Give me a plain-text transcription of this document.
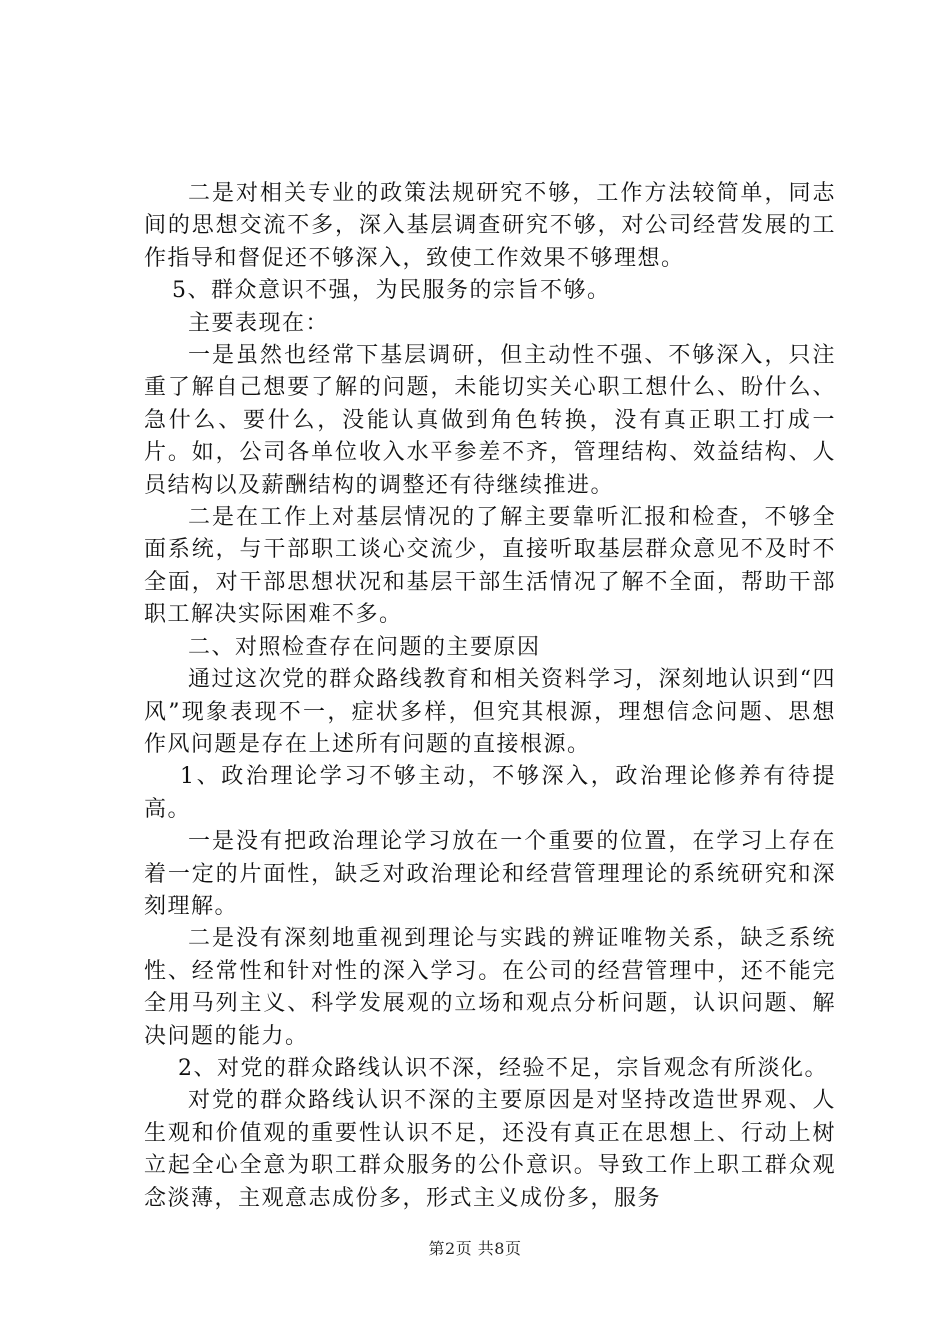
二是对相关专业的政策法规研究不够，工作方法较简单，同志间的思想交流不多，深入基层调查研究不够，对公司经营发展的工作指导和督促还不够深入，致使工作效果不够理想。

5、群众意识不强，为民服务的宗旨不够。

主要表现在：

一是虽然也经常下基层调研，但主动性不强、不够深入，只注重了解自己想要了解的问题，未能切实关心职工想什么、盼什么、急什么、要什么，没能认真做到角色转换，没有真正职工打成一片。如，公司各单位收入水平参差不齐，管理结构、效益结构、人员结构以及薪酬结构的调整还有待继续推进。

二是在工作上对基层情况的了解主要靠听汇报和检查，不够全面系统，与干部职工谈心交流少，直接听取基层群众意见不及时不全面，对干部思想状况和基层干部生活情况了解不全面，帮助干部职工解决实际困难不多。

二、对照检查存在问题的主要原因

通过这次党的群众路线教育和相关资料学习，深刻地认识到“四风”现象表现不一，症状多样，但究其根源，理想信念问题、思想作风问题是存在上述所有问题的直接根源。

1、政治理论学习不够主动，不够深入，政治理论修养有待提高。

一是没有把政治理论学习放在一个重要的位置，在学习上存在着一定的片面性，缺乏对政治理论和经营管理理论的系统研究和深刻理解。

二是没有深刻地重视到理论与实践的辨证唯物关系，缺乏系统性、经常性和针对性的深入学习。在公司的经营管理中，还不能完全用马列主义、科学发展观的立场和观点分析问题，认识问题、解决问题的能力。

2、对党的群众路线认识不深，经验不足，宗旨观念有所淡化。

对党的群众路线认识不深的主要原因是对坚持改造世界观、人生观和价值观的重要性认识不足，还没有真正在思想上、行动上树立起全心全意为职工群众服务的公仆意识。导致工作上职工群众观念淡薄，主观意志成份多，形式主义成份多，服务

第2页 共8页
